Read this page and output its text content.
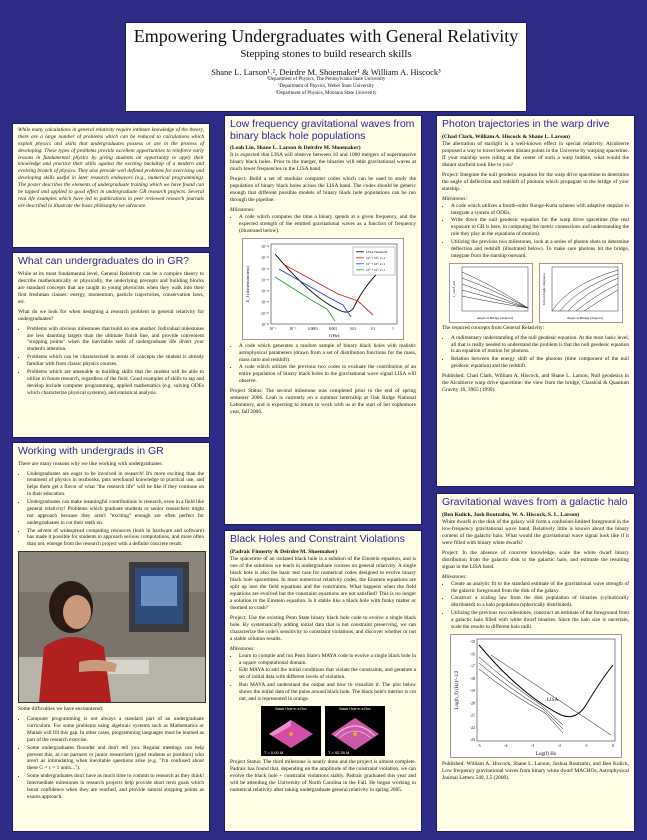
Empowering Undergraduates with General Relativity
Stepping stones to build research skills
Shane L. Larson¹˒², Deirdre M. Shoemaker¹ & William A. Hiscock³
¹Department of Physics, The Pennsylvania State University
²Department of Physics, Weber State University
³Department of Physics, Montana State University

While many calculations in general relativity require intimate knowledge of the theory, there are a large number of problems which can be reduced to calculations which exploit physics and skills that undergraduates possess or are in the process of developing. These types of problems provide excellent opportunities to reinforce early lessons in fundamental physics by giving students an opportunity to apply their knowledge and practice their skills against the exciting backdrop of a modern and evolving branch of physics. They also provide well defined problems for exercising and developing skills useful in later research endeavors (e.g., numerical programming). The poster describes the elements of undergraduate training which we have found can be tapped and applied to good effect in undergraduate GR research projects. Several real life examples which have led to publications in peer reviewed research journals are described to illustrate the basic philosophy we advocate.

What can undergraduates do in GR?

While at its most fundamental level, General Relativity can be a complex theory to describe mathematically or physically, the underlying precepts and building blocks are standard concepts that are taught to young physicists when they walk into their first freshman classes: energy, momentum, particle trajectories, conservation laws, etc.

What do we look for when designing a research problem in general relativity for undergraduates?

• Problems with obvious milestones that build on one another. Individual milestones are less daunting targets than the ultimate finish line, and provide convenient "stopping points" when the inevitable tasks of undergraduate life divert your student's attention.
• Problems which can be characterized in terms of concepts the student is already familiar with from classic physics courses.
• Problems which are amenable to building skills that the student will be able to utilize in future research, regardless of the field. Good examples of skills to tap and develop include computer programming, applied mathematics (e.g. solving ODEs which characterize physical systems), and statistical analysis.
Working with undergrads in GR

There are many reasons why we like working with undergraduates:

• Undergraduates are eager to be involved in research! It's more exciting than the treatment of physics in textbooks, puts newfound knowledge to practical use, and helps them get a flavor of what "the research life" will be like if they continue on in their education.
• Undergraduates can make meaningful contributions in research, even in a field like general relativity! Problems which graduate students or senior researchers might not approach because they aren't "exciting" enough are often perfect for undergraduates to cut their teeth on.
• The advent of widespread computing resources (both in hardware and software) has made it possible for students to approach serious computations, and more often than not, emerge from the research project with a definite concrete result.

Some difficulties we have encountered:

• Computer programming is not always a standard part of an undergraduate curriculum. For some problems using algebraic systems such as Mathematica or Matlab will fill this gap. In other cases, programming languages must be learned as part of the research exercise.
• Some undergraduates flounder and don't tell you. Regular meetings can help prevent this, as can partners or junior researchers (grad students or postdocs) who aren't as intimidating when inevitable questions arise (e.g. "I'm confused about these G = c = 1 units...").
• Some undergraduates don't have as much time to commit to research as they think! Intermediate milestones in research projects help provide short term goals which boost confidence when they are reached, and provide natural stopping points as exams approach.
Low frequency gravitational waves from binary black hole populations
(Leah Liu, Shane L. Larson & Deirdre M. Shoemaker)

It is expected that LISA will observe between 10 and 1000 mergers of supermassive binary black holes. Prior to the merger, the binaries will emit gravitational waves at much lower frequencies in the LISA band.

Project: Build a set of modular computer codes which can be used to study the population of binary black holes across the LISA band. The codes should be generic enough that different possible models of binary black hole populations can be run through the pipeline.

Milestones:
• A code which computes the time a binary spends at a given frequency, and the expected strength of the emitted gravitational waves as a function of frequency (illustrated below).
10⁻¹⁴
10⁻¹⁵
10⁻¹⁶
10⁻¹⁷
10⁻¹⁸
10⁻¹⁹
10⁻²⁰
10⁻²¹
10⁻⁶	10⁻⁵	0.0001	0.001	0.01	0.1	1
h_f (dimensionless)
f (Hz)
LISA Threshold
10⁵ + 10⁵, z=1
10⁶ + 10⁶, z=1
10⁷ + 10⁷, z=1
• A code which generates a random sample of binary black holes with realistic astrophysical parameters (drawn from a set of distribution functions for the mass, mass ratio and redshift).
• A code which utilizes the previous two codes to evaluate the contribution of an entire population of binary black holes to the gravitational wave signal LISA will observe.

Project Status: The second milestone was completed prior to the end of spring semester 2006. Leah is currently on a summer internship at Oak Ridge National Laboratory, and is expecting to return to work with us at the start of her sophomore year, fall 2006.

Black Holes and Constraint Violations
(Padraic Finnerty & Deirdre M. Shoemaker)

The spacetime of an isolated black hole is a solution of the Einstein equation, and is one of the solutions we teach in undergraduate courses on general relativity. A single black hole is also the basic test case for numerical codes designed to evolve binary black hole spacetimes. In most numerical relativity codes, the Einstein equations are split up into the field equations and the constraints. What happens when the field equations are evolved but the constraint equations are not satisfied? This is no longer a solution to the Einstein equation. Is it stable like a black hole with funky matter or doomed to crash?

Project: Use the existing Penn State binary black hole code to evolve a single black hole. By systematically adding initial data that is not constraint preserving, we can characterize the code's sensitivity to constraint violations, and discover whether or not a stable solution results.

Milestones:
• Learn to compile and run Penn State's MAYA code to evolve a single black hole in a square computational domain.
• Edit MAYA to add the initial conditions that violate the constraints, and generate a set of initial data with different levels of violation.
• Run MAYA and understand the output and how to visualize it. The plot below shows the initial data of the pulse around black hole. The black hole's interior is cut out, and is represented in orange.
Black Hole in a Box
T = 0.00 M
Black Hole in a Box
T = 92.39 M

Project Status: The third milestone is nearly done and the project is almost complete. Padraic has found that, depending on the amplitude of the constraint violation, we can evolve the black hole + constraint violations stably. Padraic graduated this year and will be attending the University of North Carolina in the Fall. He began working in numerical relativity after taking undergraduate general relativity in spring 2005.

Photon trajectories in the warp drive
(Chad Clark, William A. Hiscock & Shane L. Larson)

The aberration of starlight is a well-known effect in special relativity. Alcubierre proposed a way to travel between distant points in the Universe by warping spacetime. If your starship were riding at the center of such a warp bubble, what would the distant starfield look like to you?

Project: Integrate the null geodesic equation for the warp drive spacetime to determine the angle of deflection and redshift of photons which propagate to the bridge of your starship.

Milestones:
• A code which utilizes a fourth-order Runge-Kutta scheme with adaptive stepsize to integrate a system of ODEs.
• Write down the null geodesic equation for the warp drive spacetime (the real exposure to GR is here, in computing the metric connections and understanding the role they play in the equations of motion).
• Utilizing the previous two milestones, look at a series of photon shots to determine deflection and redshift (illustrated below). To make sure photons hit the bridge, integrate from the starship outward.
Angle at Bridge (degrees)
f_obs/f_em
Angle at Bridge (degrees)
Initial Angle (degrees)

The required concepts from General Relativity:

• A rudimentary understanding of the null geodesic equation. At the most basic level, all that is really needed to understand the problem is that the null geodesic equation is an equation of motion for photons.
• Relation between the energy shift of the photons (time component of the null geodesic equation) and the redshift.

Published: Chad Clark, William A. Hiscock, and Shane L. Larson, Null geodesics in the Alcubierre warp drive spacetime: the view from the bridge, Classical & Quantum Gravity 16, 3965 (1999).

Gravitational waves from a galactic halo
(Ben Kulick, Josh Routzahn, W. A. Hiscock, S. L. Larson)

White dwarfs in the disk of the galaxy will form a confusion-limited foreground in the low-frequency gravitational wave band. Relatively little is known about the binary content of the galactic halo. What would the gravitational wave signal look like if it were filled with binary white dwarfs?

Project: In the absence of concrete knowledge, scale the white dwarf binary distribution from the galactic disk to the galactic halo, and estimate the resulting signal in the LISA band.

Milestones:
• Create an analytic fit to the standard estimate of the gravitational wave strength of the galactic foreground from the disk of the galaxy.
• Construct a scaling law from the disk population of binaries (cylindrically distributed) to a halo population (spherically distributed).
• Utilizing the previous two milestones, construct an estimate of the foreground from a galactic halo filled with white dwarf binaries. Since the halo size is uncertain, scale the results to different halo radii.
-15
-16
-17
-18
-19
-20
-21
-22
-23
-5	-4	-3	-2	-1	0
Log(h_f) (Hz)^-1/2
Log(f) Hz
LISA

Published: William A. Hiscock, Shane L. Larson, Joshua Routzahn, and Ben Kulick, Low frequency gravitational waves from binary white dwarf MACHOs, Astrophysical Journal Letters 540, L5 (2000).
